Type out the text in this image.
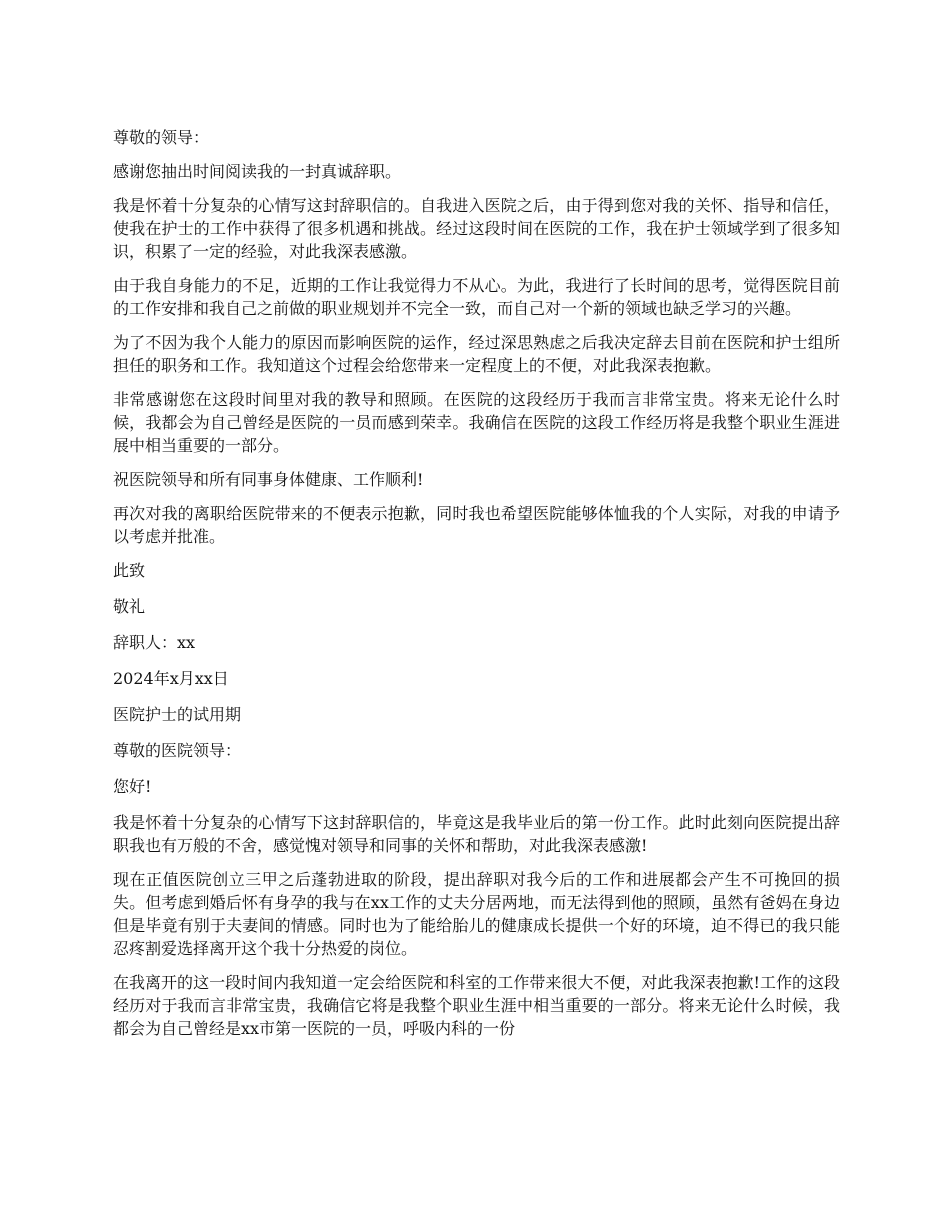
尊敬的领导：

感谢您抽出时间阅读我的一封真诚辞职。

我是怀着十分复杂的心情写这封辞职信的。自我进入医院之后，由于得到您对我的关怀、指导和信任，使我在护士的工作中获得了很多机遇和挑战。经过这段时间在医院的工作，我在护士领域学到了很多知识，积累了一定的经验，对此我深表感激。

由于我自身能力的不足，近期的工作让我觉得力不从心。为此，我进行了长时间的思考，觉得医院目前的工作安排和我自己之前做的职业规划并不完全一致，而自己对一个新的领域也缺乏学习的兴趣。

为了不因为我个人能力的原因而影响医院的运作，经过深思熟虑之后我决定辞去目前在医院和护士组所担任的职务和工作。我知道这个过程会给您带来一定程度上的不便，对此我深表抱歉。

非常感谢您在这段时间里对我的教导和照顾。在医院的这段经历于我而言非常宝贵。将来无论什么时候，我都会为自己曾经是医院的一员而感到荣幸。我确信在医院的这段工作经历将是我整个职业生涯进展中相当重要的一部分。

祝医院领导和所有同事身体健康、工作顺利!

再次对我的离职给医院带来的不便表示抱歉，同时我也希望医院能够体恤我的个人实际，对我的申请予以考虑并批准。

此致

敬礼

辞职人：xx

2024年x月xx日

医院护士的试用期

尊敬的医院领导：

您好!

我是怀着十分复杂的心情写下这封辞职信的，毕竟这是我毕业后的第一份工作。此时此刻向医院提出辞职我也有万般的不舍，感觉愧对领导和同事的关怀和帮助，对此我深表感激!

现在正值医院创立三甲之后蓬勃进取的阶段，提出辞职对我今后的工作和进展都会产生不可挽回的损失。但考虑到婚后怀有身孕的我与在xx工作的丈夫分居两地，而无法得到他的照顾，虽然有爸妈在身边但是毕竟有别于夫妻间的情感。同时也为了能给胎儿的健康成长提供一个好的环境，迫不得已的我只能忍疼割爱选择离开这个我十分热爱的岗位。

在我离开的这一段时间内我知道一定会给医院和科室的工作带来很大不便，对此我深表抱歉!工作的这段经历对于我而言非常宝贵，我确信它将是我整个职业生涯中相当重要的一部分。将来无论什么时候，我都会为自己曾经是xx市第一医院的一员，呼吸内科的一份
